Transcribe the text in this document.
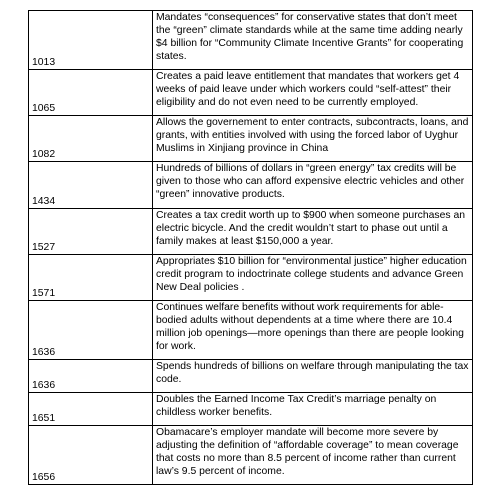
1013	Mandates “consequences” for conservative states that don’t meet the “green” climate standards while at the same time adding nearly $4 billion for “Community Climate Incentive Grants” for cooperating states.
1065	Creates a paid leave entitlement that mandates that workers get 4 weeks of paid leave under which workers could “self-attest” their eligibility and do not even need to be currently employed.
1082	Allows the governement to enter contracts, subcontracts, loans, and grants, with entities involved with using the forced labor of Uyghur Muslims in Xinjiang province in China
1434	Hundreds of billions of dollars in “green energy” tax credits will be given to those who can afford expensive electric vehicles and other “green” innovative products.
1527	Creates a tax credit worth up to $900 when someone purchases an electric bicycle. And the credit wouldn’t start to phase out until a family makes at least $150,000 a year.
1571	Appropriates $10 billion for “environmental justice” higher education credit program to indoctrinate college students and advance Green New Deal policies .
1636	Continues welfare benefits without work requirements for able-bodied adults without dependents at a time where there are 10.4 million job openings—more openings than there are people looking for work.
1636	Spends hundreds of billions on welfare through manipulating the tax code.
1651	Doubles the Earned Income Tax Credit’s marriage penalty on childless worker benefits.
1656	Obamacare’s employer mandate will become more severe by adjusting the definition of “affordable coverage” to mean coverage that costs no more than 8.5 percent of income rather than current law’s 9.5 percent of income.
